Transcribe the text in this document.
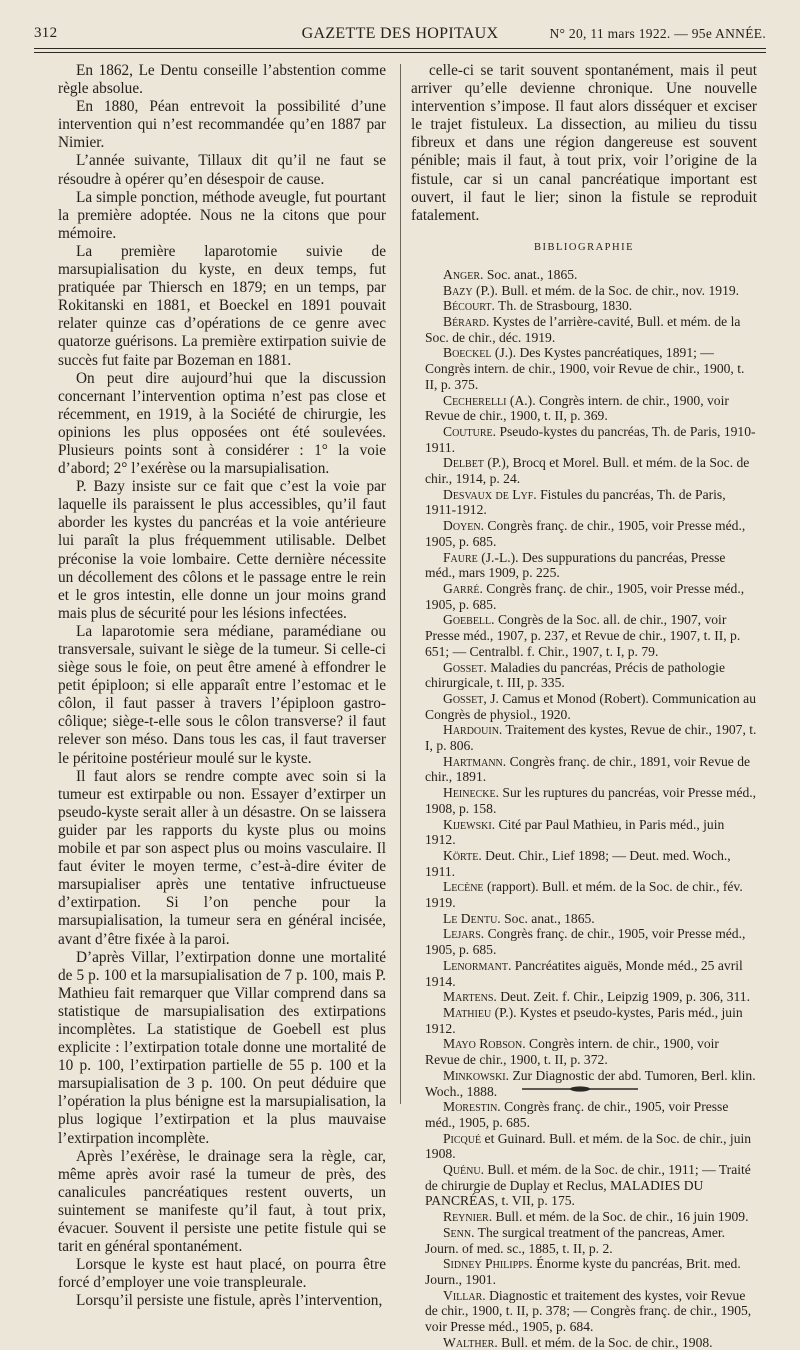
312	GAZETTE DES HOPITAUX	N° 20, 11 mars 1922. — 95e ANNÉE.

En 1862, Le Dentu conseille l’abstention comme règle absolue.

En 1880, Péan entrevoit la possibilité d’une intervention qui n’est recommandée qu’en 1887 par Nimier.

L’année suivante, Tillaux dit qu’il ne faut se résoudre à opérer qu’en désespoir de cause.

La simple ponction, méthode aveugle, fut pourtant la première adoptée. Nous ne la citons que pour mémoire.

La première laparotomie suivie de marsupialisation du kyste, en deux temps, fut pratiquée par Thiersch en 1879; en un temps, par Rokitanski en 1881, et Boeckel en 1891 pouvait relater quinze cas d’opérations de ce genre avec quatorze guérisons. La première extirpation suivie de succès fut faite par Bozeman en 1881.

On peut dire aujourd’hui que la discussion concernant l’intervention optima n’est pas close et récemment, en 1919, à la Société de chirurgie, les opinions les plus opposées ont été soulevées. Plusieurs points sont à considérer : 1° la voie d’abord; 2° l’exérèse ou la marsupialisation.

P. Bazy insiste sur ce fait que c’est la voie par laquelle ils paraissent le plus accessibles, qu’il faut aborder les kystes du pancréas et la voie antérieure lui paraît la plus fréquemment utilisable. Delbet préconise la voie lombaire. Cette dernière nécessite un décollement des côlons et le passage entre le rein et le gros intestin, elle donne un jour moins grand mais plus de sécurité pour les lésions infectées.

La laparotomie sera médiane, paramédiane ou transversale, suivant le siège de la tumeur. Si celle-ci siège sous le foie, on peut être amené à effondrer le petit épiploon; si elle apparaît entre l’estomac et le côlon, il faut passer à travers l’épiploon gastro-côlique; siège-t-elle sous le côlon transverse? il faut relever son méso. Dans tous les cas, il faut traverser le péritoine postérieur moulé sur le kyste.

Il faut alors se rendre compte avec soin si la tumeur est extirpable ou non. Essayer d’extirper un pseudo-kyste serait aller à un désastre. On se laissera guider par les rapports du kyste plus ou moins mobile et par son aspect plus ou moins vasculaire. Il faut éviter le moyen terme, c’est-à-dire éviter de marsupialiser après une tentative infructueuse d’extirpation. Si l’on penche pour la marsupialisation, la tumeur sera en général incisée, avant d’être fixée à la paroi.

D’après Villar, l’extirpation donne une mortalité de 5 p. 100 et la marsupialisation de 7 p. 100, mais P. Mathieu fait remarquer que Villar comprend dans sa statistique de marsupialisation des extirpations incomplètes. La statistique de Goebell est plus explicite : l’extirpation totale donne une mortalité de 10 p. 100, l’extirpation partielle de 55 p. 100 et la marsupialisation de 3 p. 100. On peut déduire que l’opération la plus bénigne est la marsupialisation, la plus logique l’extirpation et la plus mauvaise l’extirpation incomplète.

Après l’exérèse, le drainage sera la règle, car, même après avoir rasé la tumeur de près, des canalicules pancréatiques restent ouverts, un suintement se manifeste qu’il faut, à tout prix, évacuer. Souvent il persiste une petite fistule qui se tarit en général spontanément.

Lorsque le kyste est haut placé, on pourra être forcé d’employer une voie transpleurale.

Lorsqu’il persiste une fistule, après l’intervention,

celle-ci se tarit souvent spontanément, mais il peut arriver qu’elle devienne chronique. Une nouvelle intervention s’impose. Il faut alors disséquer et exciser le trajet fistuleux. La dissection, au milieu du tissu fibreux et dans une région dangereuse est souvent pénible; mais il faut, à tout prix, voir l’origine de la fistule, car si un canal pancréatique important est ouvert, il faut le lier; sinon la fistule se reproduit fatalement.

BIBLIOGRAPHIE

Anger. Soc. anat., 1865.

Bazy (P.). Bull. et mém. de la Soc. de chir., nov. 1919.

Bécourt. Th. de Strasbourg, 1830.

Bérard. Kystes de l’arrière-cavité, Bull. et mém. de la Soc. de chir., déc. 1919.

Boeckel (J.). Des Kystes pancréatiques, 1891; — Congrès intern. de chir., 1900, voir Revue de chir., 1900, t. II, p. 375.

Cecherelli (A.). Congrès intern. de chir., 1900, voir Revue de chir., 1900, t. II, p. 369.

Couture. Pseudo-kystes du pancréas, Th. de Paris, 1910-1911.

Delbet (P.), Brocq et Morel. Bull. et mém. de la Soc. de chir., 1914, p. 24.

Desvaux de Lyf. Fistules du pancréas, Th. de Paris, 1911-1912.

Doyen. Congrès franç. de chir., 1905, voir Presse méd., 1905, p. 685.

Faure (J.-L.). Des suppurations du pancréas, Presse méd., mars 1909, p. 225.

Garré. Congrès franç. de chir., 1905, voir Presse méd., 1905, p. 685.

Goebell. Congrès de la Soc. all. de chir., 1907, voir Presse méd., 1907, p. 237, et Revue de chir., 1907, t. II, p. 651; — Centralbl. f. Chir., 1907, t. I, p. 79.

Gosset. Maladies du pancréas, Précis de pathologie chirurgicale, t. III, p. 335.

Gosset, J. Camus et Monod (Robert). Communication au Congrès de physiol., 1920.

Hardouin. Traitement des kystes, Revue de chir., 1907, t. I, p. 806.

Hartmann. Congrès franç. de chir., 1891, voir Revue de chir., 1891.

Heinecke. Sur les ruptures du pancréas, voir Presse méd., 1908, p. 158.

Kijewski. Cité par Paul Mathieu, in Paris méd., juin 1912.

Körte. Deut. Chir., Lief 1898; — Deut. med. Woch., 1911.

Lecène (rapport). Bull. et mém. de la Soc. de chir., fév. 1919.

Le Dentu. Soc. anat., 1865.

Lejars. Congrès franç. de chir., 1905, voir Presse méd., 1905, p. 685.

Lenormant. Pancréatites aiguës, Monde méd., 25 avril 1914.

Martens. Deut. Zeit. f. Chir., Leipzig 1909, p. 306, 311.

Mathieu (P.). Kystes et pseudo-kystes, Paris méd., juin 1912.

Mayo Robson. Congrès intern. de chir., 1900, voir Revue de chir., 1900, t. II, p. 372.

Minkowski. Zur Diagnostic der abd. Tumoren, Berl. klin. Woch., 1888.

Morestin. Congrès franç. de chir., 1905, voir Presse méd., 1905, p. 685.

Picqué et Guinard. Bull. et mém. de la Soc. de chir., juin 1908.

Quénu. Bull. et mém. de la Soc. de chir., 1911; — Traité de chirurgie de Duplay et Reclus, MALADIES DU PANCRÉAS, t. VII, p. 175.

Reynier. Bull. et mém. de la Soc. de chir., 16 juin 1909.

Senn. The surgical treatment of the pancreas, Amer. Journ. of med. sc., 1885, t. II, p. 2.

Sidney Philipps. Énorme kyste du pancréas, Brit. med. Journ., 1901.

Villar. Diagnostic et traitement des kystes, voir Revue de chir., 1900, t. II, p. 378; — Congrès franç. de chir., 1905, voir Presse méd., 1905, p. 684.

Walther. Bull. et mém. de la Soc. de chir., 1908.
